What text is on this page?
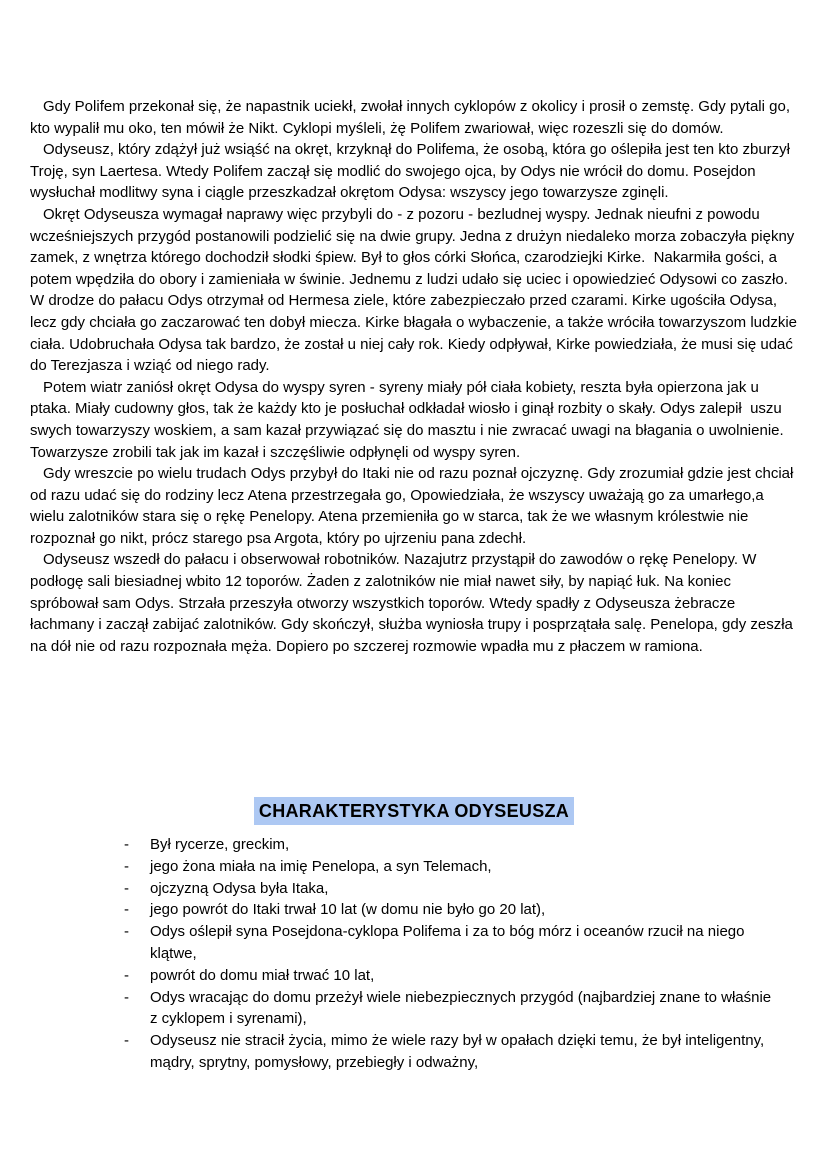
Gdy Polifem przekonał się, że napastnik uciekł, zwołał innych cyklopów z okolicy i prosił o zemstę. Gdy pytali go, kto wypalił mu oko, ten mówił że Nikt. Cyklopi myśleli, żę Polifem zwariował, więc rozeszli się do domów.

Odyseusz, który zdążył już wsiąść na okręt, krzyknął do Polifema, że osobą, która go oślepiła jest ten kto zburzył Troję, syn Laertesa. Wtedy Polifem zaczął się modlić do swojego ojca, by Odys nie wrócił do domu. Posejdon wysłuchał modlitwy syna i ciągle przeszkadzał okrętom Odysa: wszyscy jego towarzysze zginęli.

Okręt Odyseusza wymagał naprawy więc przybyli do - z pozoru - bezludnej wyspy. Jednak nieufni z powodu wcześniejszych przygód postanowili podzielić się na dwie grupy. Jedna z drużyn niedaleko morza zobaczyła piękny zamek, z wnętrza którego dochodził słodki śpiew. Był to głos córki Słońca, czarodziejki Kirke.  Nakarmiła gości, a potem wpędziła do obory i zamieniała w świnie. Jednemu z ludzi udało się uciec i opowiedzieć Odysowi co zaszło. W drodze do pałacu Odys otrzymał od Hermesa ziele, które zabezpieczało przed czarami. Kirke ugościła Odysa, lecz gdy chciała go zaczarować ten dobył miecza. Kirke błagała o wybaczenie, a także wróciła towarzyszom ludzkie ciała. Udobruchała Odysa tak bardzo, że został u niej cały rok. Kiedy odpływał, Kirke powiedziała, że musi się udać do Terezjasza i wziąć od niego rady.

Potem wiatr zaniósł okręt Odysa do wyspy syren - syreny miały pół ciała kobiety, reszta była opierzona jak u ptaka. Miały cudowny głos, tak że każdy kto je posłuchał odkładał wiosło i ginął rozbity o skały. Odys zalepił  uszu swych towarzyszy woskiem, a sam kazał przywiązać się do masztu i nie zwracać uwagi na błagania o uwolnienie. Towarzysze zrobili tak jak im kazał i szczęśliwie odpłynęli od wyspy syren.

Gdy wreszcie po wielu trudach Odys przybył do Itaki nie od razu poznał ojczyznę. Gdy zrozumiał gdzie jest chciał od razu udać się do rodziny lecz Atena przestrzegała go, Opowiedziała, że wszyscy uważają go za umarłego,a wielu zalotników stara się o rękę Penelopy. Atena przemieniła go w starca, tak że we własnym królestwie nie rozpoznał go nikt, prócz starego psa Argota, który po ujrzeniu pana zdechł.

Odyseusz wszedł do pałacu i obserwował robotników. Nazajutrz przystąpił do zawodów o rękę Penelopy. W podłogę sali biesiadnej wbito 12 toporów. Żaden z zalotników nie miał nawet siły, by napiąć łuk. Na koniec spróbował sam Odys. Strzała przeszyła otworzy wszystkich toporów. Wtedy spadły z Odyseusza żebracze łachmany i zaczął zabijać zalotników. Gdy skończył, służba wyniosła trupy i posprzątała salę. Penelopa, gdy zeszła na dół nie od razu rozpoznała męża. Dopiero po szczerej rozmowie wpadła mu z płaczem w ramiona.

CHARAKTERYSTYKA ODYSEUSZA
-	Był rycerze, greckim,
-	jego żona miała na imię Penelopa, a syn Telemach,
-	ojczyzną Odysa była Itaka,
-	jego powrót do Itaki trwał 10 lat (w domu nie było go 20 lat),
-	Odys oślepił syna Posejdona-cyklopa Polifema i za to bóg mórz i oceanów rzucił na niego klątwe,
-	powrót do domu miał trwać 10 lat,
-	Odys wracając do domu przeżył wiele niebezpiecznych przygód (najbardziej znane to właśnie z cyklopem i syrenami),
-	Odyseusz nie stracił życia, mimo że wiele razy był w opałach dzięki temu, że był inteligentny, mądry, sprytny, pomysłowy, przebiegły i odważny,
